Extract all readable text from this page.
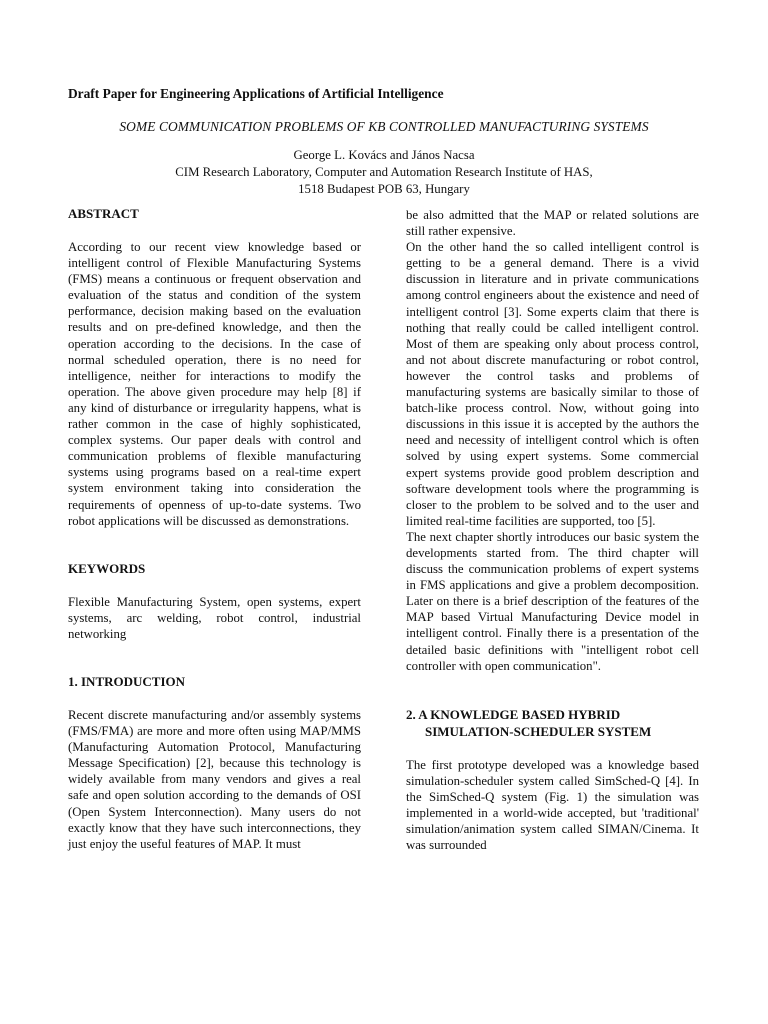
Draft Paper for Engineering Applications of Artificial Intelligence

SOME COMMUNICATION PROBLEMS OF KB CONTROLLED MANUFACTURING SYSTEMS

George L. Kovács and János Nacsa
CIM Research Laboratory, Computer and Automation Research Institute of HAS,
1518 Budapest POB 63, Hungary

ABSTRACT

According to our recent view knowledge based or intelligent control of Flexible Manufacturing Systems (FMS) means a continuous or frequent observation and evaluation of the status and condition of the system performance, decision making based on the evaluation results and on pre-defined knowledge, and then the operation according to the decisions. In the case of normal scheduled operation, there is no need for intelligence, neither for interactions to modify the operation. The above given procedure may help [8] if any kind of disturbance or irregularity happens, what is rather common in the case of highly sophisticated, complex systems. Our paper deals with control and communication problems of flexible manufacturing systems using programs based on a real-time expert system environment taking into consideration the requirements of openness of up-to-date systems. Two robot applications will be discussed as demonstrations.

KEYWORDS

Flexible Manufacturing System, open systems, expert systems, arc welding, robot control, industrial networking

1. INTRODUCTION

Recent discrete manufacturing and/or assembly systems (FMS/FMA) are more and more often using MAP/MMS (Manufacturing Automation Protocol, Manufacturing Message Specification) [2], because this technology is widely available from many vendors and gives a real safe and open solution according to the demands of OSI (Open System Interconnection). Many users do not exactly know that they have such interconnections, they just enjoy the useful features of MAP. It must

be also admitted that the MAP or related solutions are still rather expensive.

On the other hand the so called intelligent control is getting to be a general demand. There is a vivid discussion in literature and in private communications among control engineers about the existence and need of intelligent control [3]. Some experts claim that there is nothing that really could be called intelligent control. Most of them are speaking only about process control, and not about discrete manufacturing or robot control, however the control tasks and problems of manufacturing systems are basically similar to those of batch-like process control. Now, without going into discussions in this issue it is accepted by the authors the need and necessity of intelligent control which is often solved by using expert systems. Some commercial expert systems provide good problem description and software development tools where the programming is closer to the problem to be solved and to the user and limited real-time facilities are supported, too [5].

The next chapter shortly introduces our basic system the developments started from. The third chapter will discuss the communication problems of expert systems in FMS applications and give a problem decomposition. Later on there is a brief description of the features of the MAP based Virtual Manufacturing Device model in intelligent control. Finally there is a presentation of the detailed basic definitions with "intelligent robot cell controller with open communication".

2. A KNOWLEDGE BASED HYBRID
SIMULATION-SCHEDULER SYSTEM

The first prototype developed was a knowledge based simulation-scheduler system called SimSched-Q [4]. In the SimSched-Q system (Fig. 1) the simulation was implemented in a world-wide accepted, but 'traditional' simulation/animation system called SIMAN/Cinema. It was surrounded
